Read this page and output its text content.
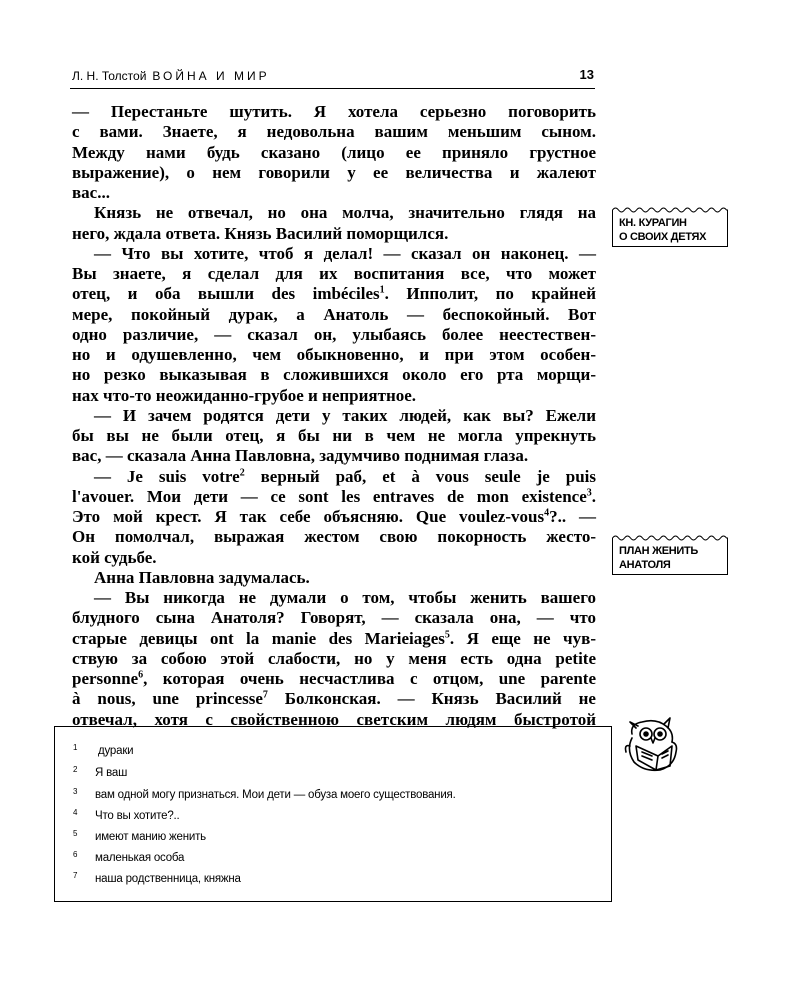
Л. Н. Толстой ВОЙНА И МИР	13

— Перестаньте шутить. Я хотела серьезно поговорить
с вами. Знаете, я недовольна вашим меньшим сыном.
Между нами будь сказано (лицо ее приняло грустное
выражение), о нем говорили у ее величества и жалеют
вас...

Князь не отвечал, но она молча, значительно глядя на
него, ждала ответа. Князь Василий поморщился.

— Что вы хотите, чтоб я делал! — сказал он наконец. —
Вы знаете, я сделал для их воспитания все, что может
отец, и оба вышли des imbéciles$^1$. Ипполит, по крайней
мере, покойный дурак, а Анатоль — беспокойный. Вот
одно различие, — сказал он, улыбаясь более неестествен-
но и одушевленно, чем обыкновенно, и при этом особен-
но резко выказывая в сложившихся около его рта морщи-
нах что-то неожиданно-грубое и неприятное.

— И зачем родятся дети у таких людей, как вы? Ежели
бы вы не были отец, я бы ни в чем не могла упрекнуть
вас, — сказала Анна Павловна, задумчиво поднимая глаза.

— Je suis votre$^2$ верный раб, et à vous seule je puis
l'avouer. Мои дети — ce sont les entraves de mon existence$^3$.
Это мой крест. Я так себе объясняю. Que voulez-vous$^4$?.. —
Он помолчал, выражая жестом свою покорность жесто-
кой судьбе.

Анна Павловна задумалась.

— Вы никогда не думали о том, чтобы женить вашего
блудного сына Анатоля? Говорят, — сказала она, — что
старые девицы ont la manie des Marieiages$^5$. Я еще не чув-
ствую за собою этой слабости, но у меня есть одна petite
personne$^6$, которая очень несчастлива с отцом, une parente
à nous, une princesse$^7$ Болконская. — Князь Василий не
отвечал, хотя с свойственною светским людям быстротой

КН. КУРАГИН
О СВОИХ ДЕТЯХ
ПЛАН ЖЕНИТЬ
АНАТОЛЯ
1 дураки
2 Я ваш
3 вам одной могу признаться. Мои дети — обуза моего существования.
4 Что вы хотите?..
5 имеют манию женить
6 маленькая особа
7 наша родственница, княжна
